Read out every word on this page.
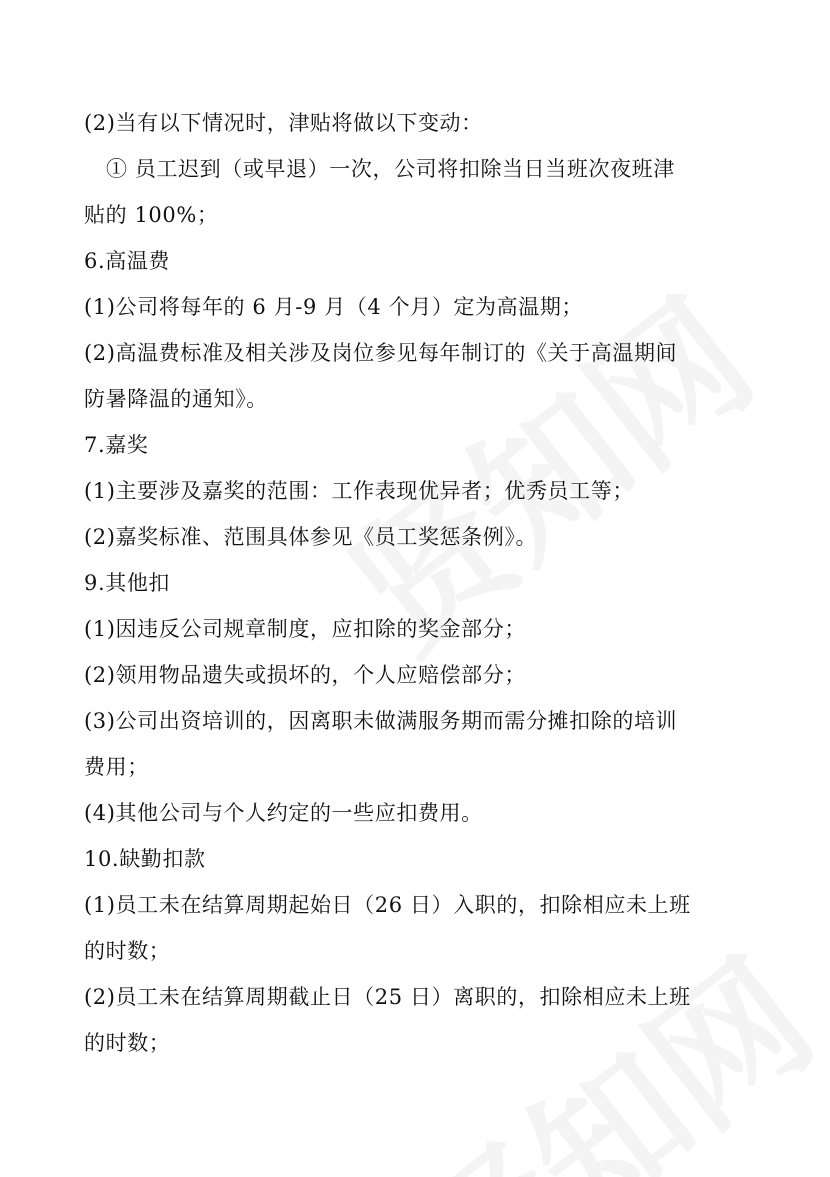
(2)当有以下情况时，津贴将做以下变动：
① 员工迟到（或早退）一次，公司将扣除当日当班次夜班津
贴的 100%；
6.高温费
(1)公司将每年的 6 月-9 月（4 个月）定为高温期；
(2)高温费标准及相关涉及岗位参见每年制订的《关于高温期间
防暑降温的通知》。
7.嘉奖
(1)主要涉及嘉奖的范围：工作表现优异者；优秀员工等；
(2)嘉奖标准、范围具体参见《员工奖惩条例》。
9.其他扣
(1)因违反公司规章制度，应扣除的奖金部分；
(2)领用物品遗失或损坏的，个人应赔偿部分；
(3)公司出资培训的，因离职未做满服务期而需分摊扣除的培训
费用；
(4)其他公司与个人约定的一些应扣费用。
10.缺勤扣款
(1)员工未在结算周期起始日（26 日）入职的，扣除相应未上班
的时数；
(2)员工未在结算周期截止日（25 日）离职的，扣除相应未上班
的时数；
